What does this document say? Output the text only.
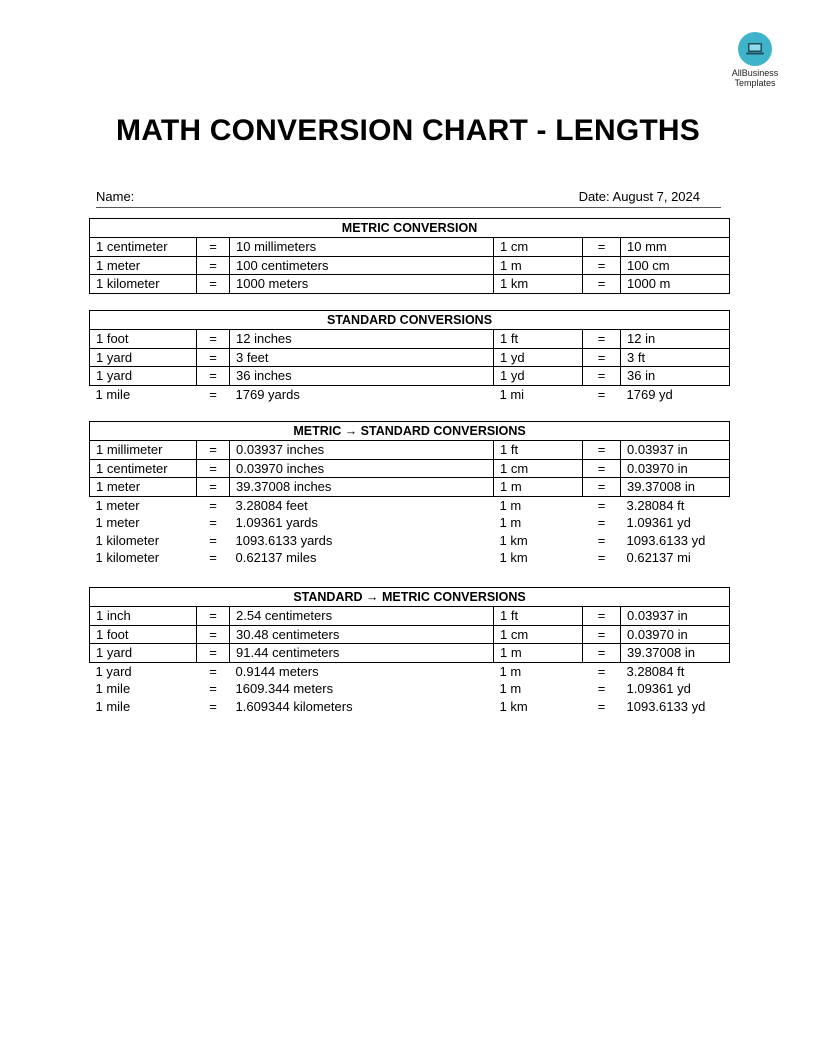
AllBusiness
Templates
MATH CONVERSION CHART - LENGTHS
Name:	Date: August 7, 2024
METRIC CONVERSION					
1 centimeter	=	10 millimeters	1 cm	=	10 mm
1 meter	=	100 centimeters	1 m	=	100 cm
1 kilometer	=	1000 meters	1 km	=	1000 m
STANDARD CONVERSIONS					
1 foot	=	12 inches	1 ft	=	12 in
1 yard	=	3 feet	1 yd	=	3 ft
1 yard	=	36 inches	1 yd	=	36 in
1 mile	=	1769 yards	1 mi	=	1769 yd
METRIC → STANDARD CONVERSIONS					
1 millimeter	=	0.03937 inches	1 ft	=	0.03937 in
1 centimeter	=	0.03970 inches	1 cm	=	0.03970 in
1 meter	=	39.37008 inches	1 m	=	39.37008 in
1 meter	=	3.28084 feet	1 m	=	3.28084 ft
1 meter	=	1.09361 yards	1 m	=	1.09361 yd
1 kilometer	=	1093.6133 yards	1 km	=	1093.6133 yd
1 kilometer	=	0.62137 miles	1 km	=	0.62137 mi
STANDARD → METRIC CONVERSIONS					
1 inch	=	2.54 centimeters	1 ft	=	0.03937 in
1 foot	=	30.48 centimeters	1 cm	=	0.03970 in
1 yard	=	91.44 centimeters	1 m	=	39.37008 in
1 yard	=	0.9144 meters	1 m	=	3.28084 ft
1 mile	=	1609.344 meters	1 m	=	1.09361 yd
1 mile	=	1.609344 kilometers	1 km	=	1093.6133 yd
